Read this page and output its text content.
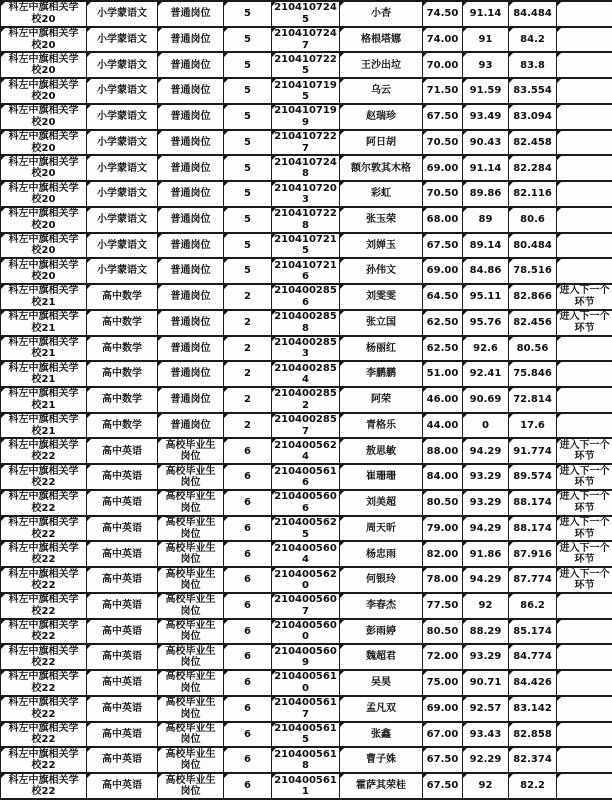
科左中旗相关学校20	小学蒙语文	普通岗位	5	2104107245	小杏	74.50	91.14	84.484	
科左中旗相关学校20	小学蒙语文	普通岗位	5	2104107247	格根塔娜	74.00	91	84.2	
科左中旗相关学校20	小学蒙语文	普通岗位	5	2104107225	王沙出垃	70.00	93	83.8	
科左中旗相关学校20	小学蒙语文	普通岗位	5	2104107195	乌云	71.50	91.59	83.554	
科左中旗相关学校20	小学蒙语文	普通岗位	5	2104107199	赵瑞珍	67.50	93.49	83.094	
科左中旗相关学校20	小学蒙语文	普通岗位	5	2104107227	阿日胡	70.50	90.43	82.458	
科左中旗相关学校20	小学蒙语文	普通岗位	5	2104107248	额尔敦其木格	69.00	91.14	82.284	
科左中旗相关学校20	小学蒙语文	普通岗位	5	2104107203	彩虹	70.50	89.86	82.116	
科左中旗相关学校20	小学蒙语文	普通岗位	5	2104107228	张玉荣	68.00	89	80.6	
科左中旗相关学校20	小学蒙语文	普通岗位	5	2104107215	刘婵玉	67.50	89.14	80.484	
科左中旗相关学校20	小学蒙语文	普通岗位	5	2104107216	孙伟文	69.00	84.86	78.516	
科左中旗相关学校21	高中数学	普通岗位	2	2104002856	刘雯雯	64.50	95.11	82.866	进入下一个环节
科左中旗相关学校21	高中数学	普通岗位	2	2104002858	张立国	62.50	95.76	82.456	进入下一个环节
科左中旗相关学校21	高中数学	普通岗位	2	2104002853	杨丽红	62.50	92.6	80.56	
科左中旗相关学校21	高中数学	普通岗位	2	2104002854	李鹏鹏	51.00	92.41	75.846	
科左中旗相关学校21	高中数学	普通岗位	2	2104002852	阿荣	46.00	90.69	72.814	
科左中旗相关学校21	高中数学	普通岗位	2	2104002857	青格乐	44.00	0	17.6	
科左中旗相关学校22	高中英语	高校毕业生岗位	6	2104005624	敖思敏	88.00	94.29	91.774	进入下一个环节
科左中旗相关学校22	高中英语	高校毕业生岗位	6	2104005616	崔珊珊	84.00	93.29	89.574	进入下一个环节
科左中旗相关学校22	高中英语	高校毕业生岗位	6	2104005606	刘美超	80.50	93.29	88.174	进入下一个环节
科左中旗相关学校22	高中英语	高校毕业生岗位	6	2104005625	周天昕	79.00	94.29	88.174	进入下一个环节
科左中旗相关学校22	高中英语	高校毕业生岗位	6	2104005604	杨忠雨	82.00	91.86	87.916	进入下一个环节
科左中旗相关学校22	高中英语	高校毕业生岗位	6	2104005620	何银玲	78.00	94.29	87.774	进入下一个环节
科左中旗相关学校22	高中英语	高校毕业生岗位	6	2104005607	李春杰	77.50	92	86.2	
科左中旗相关学校22	高中英语	高校毕业生岗位	6	2104005600	彭雨婷	80.50	88.29	85.174	
科左中旗相关学校22	高中英语	高校毕业生岗位	6	2104005609	魏超君	72.00	93.29	84.774	
科左中旗相关学校22	高中英语	高校毕业生岗位	6	2104005610	吴昊	75.00	90.71	84.426	
科左中旗相关学校22	高中英语	高校毕业生岗位	6	2104005617	孟凡双	69.00	92.57	83.142	
科左中旗相关学校22	高中英语	高校毕业生岗位	6	2104005615	张鑫	67.00	93.43	82.858	
科左中旗相关学校22	高中英语	高校毕业生岗位	6	2104005618	曹子姝	67.50	92.29	82.374	
科左中旗相关学校22	高中英语	高校毕业生岗位	6	2104005611	霍萨其荣桂	67.50	92	82.2	
